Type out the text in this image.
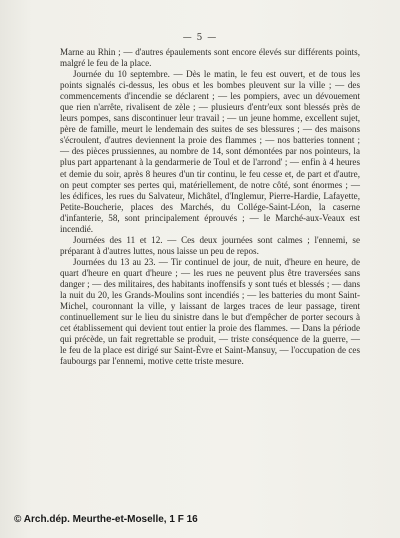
— 5 —

Marne au Rhin ; — d'autres épaulements sont encore élevés sur différents points, malgré le feu de la place.

Journée du 10 septembre. — Dès le matin, le feu est ouvert, et de tous les points signalés ci-dessus, les obus et les bombes pleuvent sur la ville ; — des commencements d'incendie se déclarent ; — les pompiers, avec un dévouement que rien n'arrête, rivalisent de zèle ; — plusieurs d'entr'eux sont blessés près de leurs pompes, sans discontinuer leur travail ; — un jeune homme, excellent sujet, père de famille, meurt le lendemain des suites de ses blessures ; — des maisons s'écroulent, d'autres deviennent la proie des flammes ; — nos batteries tonnent ; — des pièces prussiennes, au nombre de 14, sont démontées par nos pointeurs, la plus part appartenant à la gendarmerie de Toul et de l'arrond' ; — enfin à 4 heures et demie du soir, après 8 heures d'un tir continu, le feu cesse et, de part et d'autre, on peut compter ses pertes qui, matériellement, de notre côté, sont énormes ; — les édifices, les rues du Salvateur, Michâtel, d'Inglemur, Pierre-Hardie, Lafayette, Petite-Boucherie, places des Marchés, du Collége-Saint-Léon, la caserne d'infanterie, 58, sont principalement éprouvés ; — le Marché-aux-Veaux est incendié.

Journées des 11 et 12. — Ces deux journées sont calmes ; l'ennemi, se préparant à d'autres luttes, nous laisse un peu de repos.

Journées du 13 au 23. — Tir continuel de jour, de nuit, d'heure en heure, de quart d'heure en quart d'heure ; — les rues ne peuvent plus être traversées sans danger ; — des militaires, des habitants inoffensifs y sont tués et blessés ; — dans la nuit du 20, les Grands-Moulins sont incendiés ; — les batteries du mont Saint-Michel, couronnant la ville, y laissant de larges traces de leur passage, tirent continuellement sur le lieu du sinistre dans le but d'empêcher de porter secours à cet établissement qui devient tout entier la proie des flammes. — Dans la période qui précède, un fait regrettable se produit, — triste conséquence de la guerre, — le feu de la place est dirigé sur Saint-Èvre et Saint-Mansuy, — l'occupation de ces faubourgs par l'ennemi, motive cette triste mesure.

© Arch.dép. Meurthe-et-Moselle, 1 F 16
